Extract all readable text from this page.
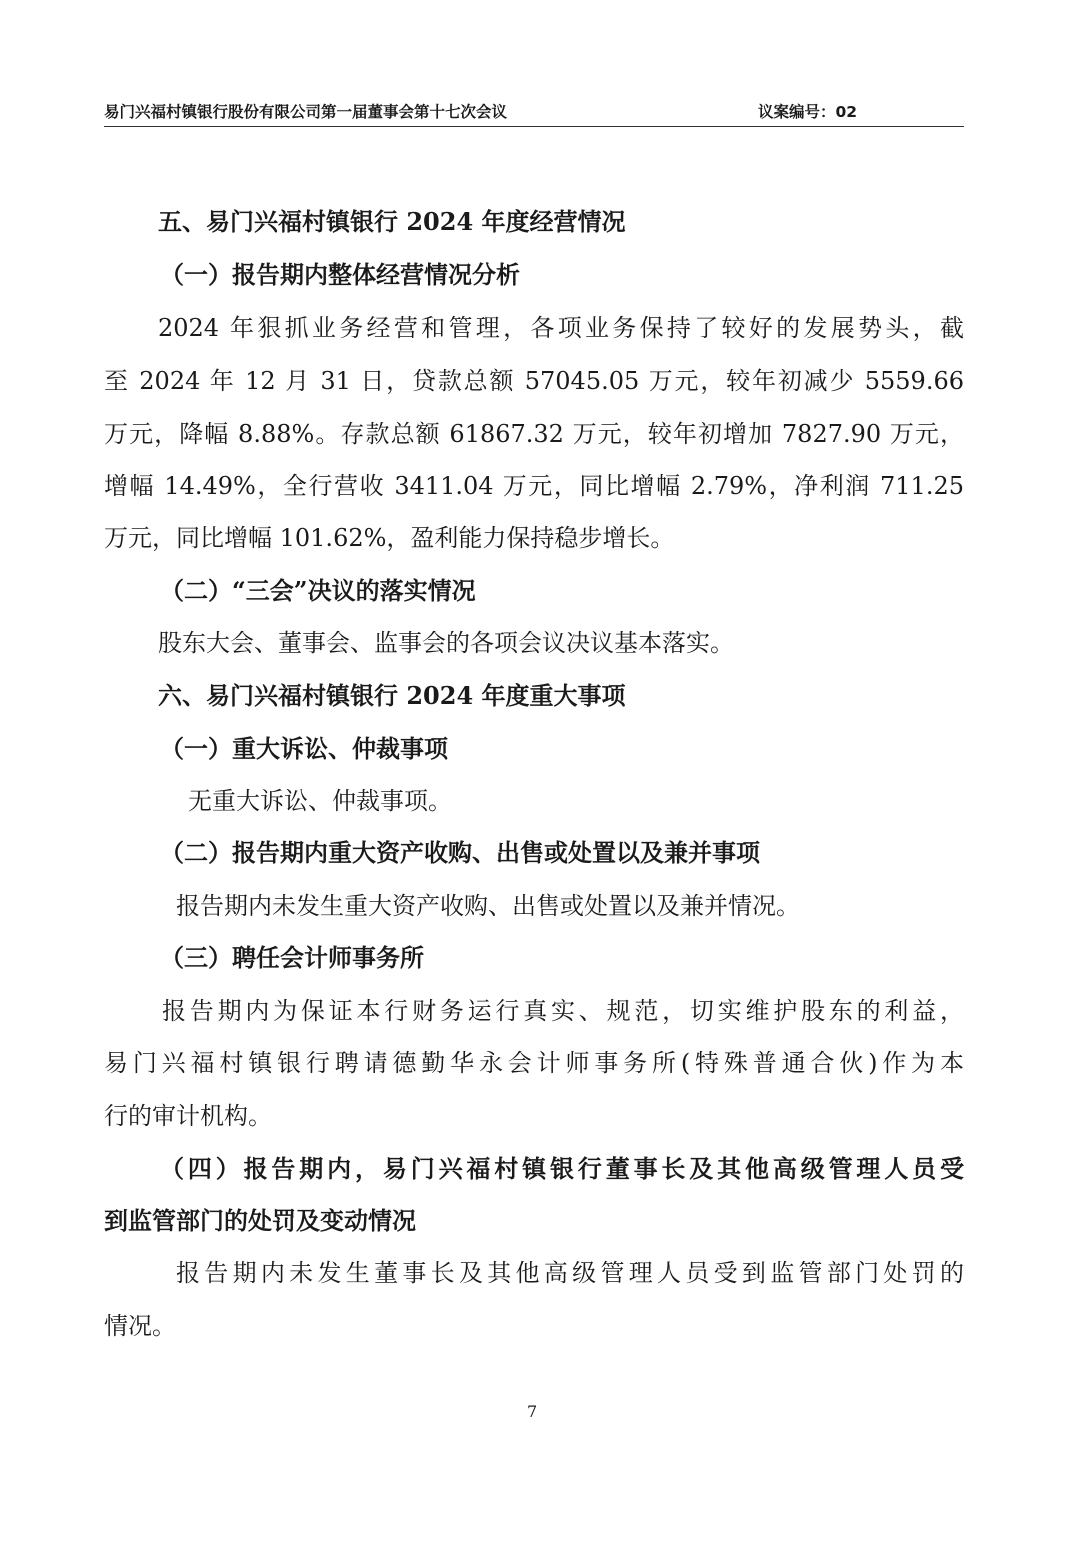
易门兴福村镇银行股份有限公司第一届董事会第十七次会议	议案编号：02
五、易门兴福村镇银行 2024 年度经营情况
（一）报告期内整体经营情况分析
2024 年狠抓业务经营和管理，各项业务保持了较好的发展势头，截
至 2024 年 12 月 31 日，贷款总额 57045.05 万元，较年初减少 5559.66
万元，降幅 8.88%。存款总额 61867.32 万元，较年初增加 7827.90 万元，
增幅 14.49%，全行营收 3411.04 万元，同比增幅 2.79%，净利润 711.25
万元，同比增幅 101.62%，盈利能力保持稳步增长。
（二）“三会”决议的落实情况
股东大会、董事会、监事会的各项会议决议基本落实。
六、易门兴福村镇银行 2024 年度重大事项
（一）重大诉讼、仲裁事项
无重大诉讼、仲裁事项。
（二）报告期内重大资产收购、出售或处置以及兼并事项
报告期内未发生重大资产收购、出售或处置以及兼并情况。
（三）聘任会计师事务所
报告期内为保证本行财务运行真实、规范，切实维护股东的利益，
易门兴福村镇银行聘请德勤华永会计师事务所(特殊普通合伙)作为本
行的审计机构。
（四）报告期内，易门兴福村镇银行董事长及其他高级管理人员受
到监管部门的处罚及变动情况
报告期内未发生董事长及其他高级管理人员受到监管部门处罚的
情况。
7
